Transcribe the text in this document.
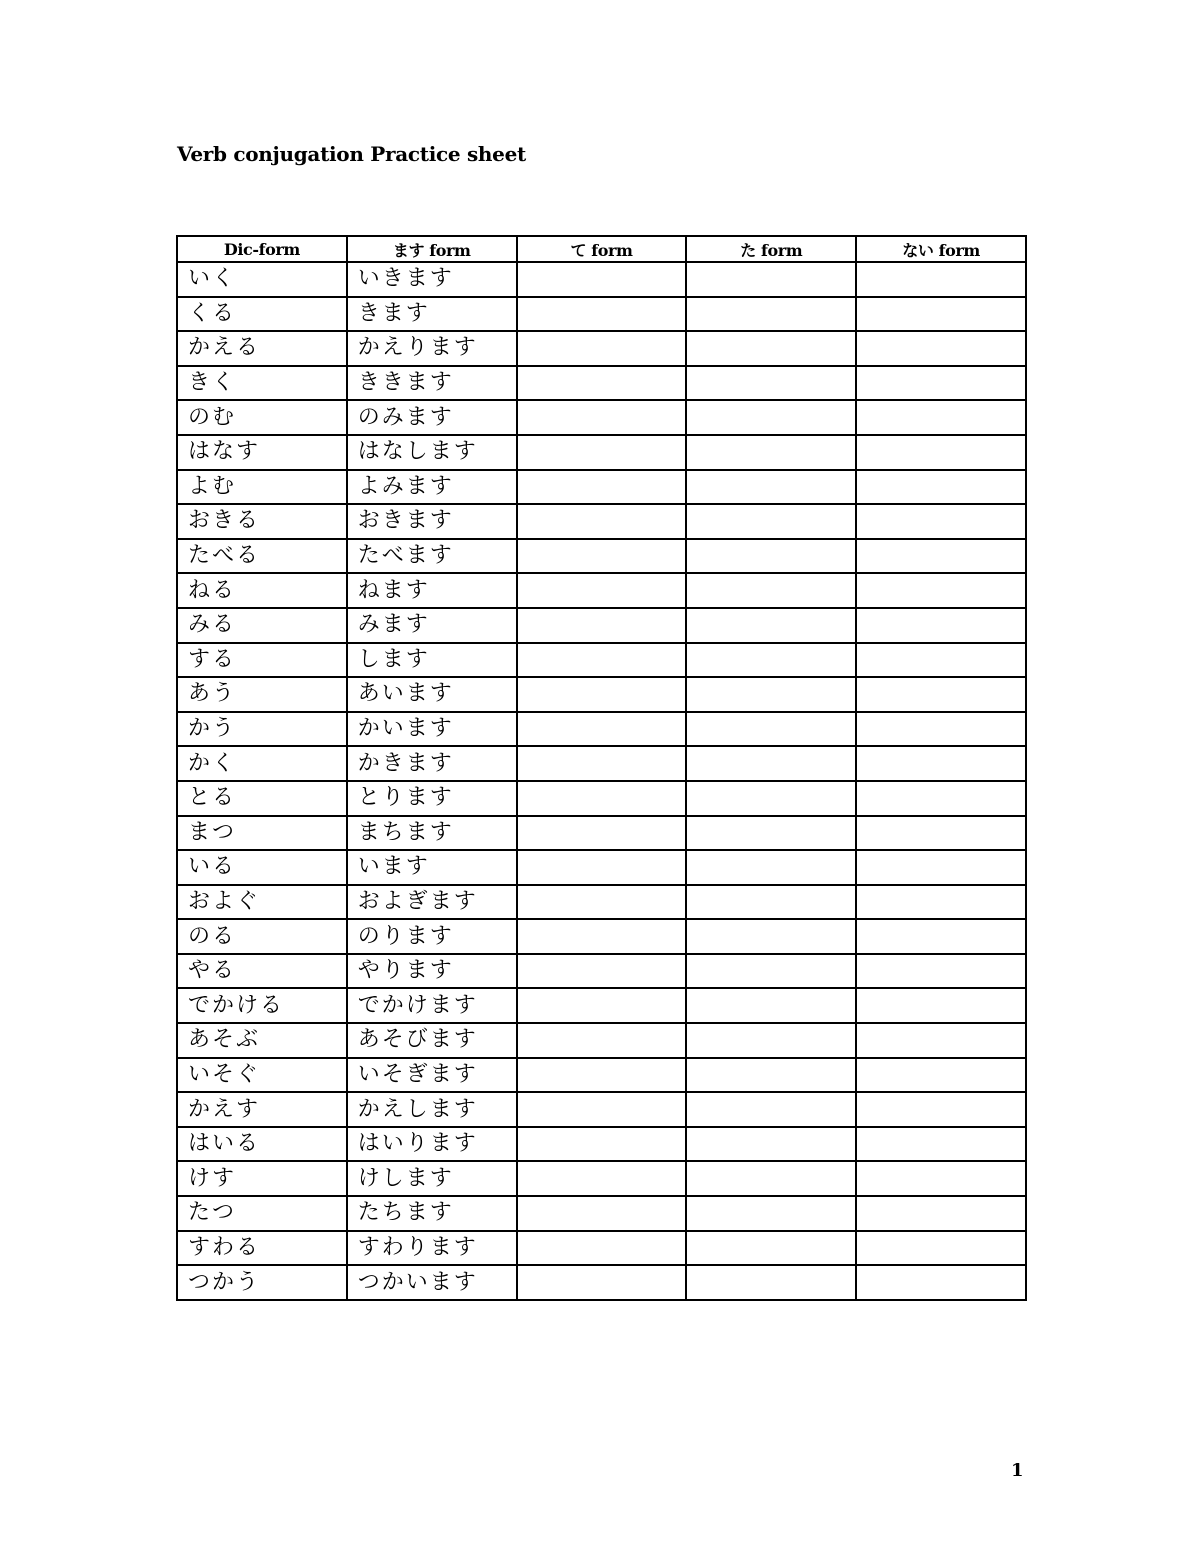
Verb conjugation Practice sheet
Dic-form	ます form	て form	た form	ない form
いく	いきます			
くる	きます			
かえる	かえります			
きく	ききます			
のむ	のみます			
はなす	はなします			
よむ	よみます			
おきる	おきます			
たべる	たべます			
ねる	ねます			
みる	みます			
する	します			
あう	あいます			
かう	かいます			
かく	かきます			
とる	とります			
まつ	まちます			
いる	います			
およぐ	およぎます			
のる	のります			
やる	やります			
でかける	でかけます			
あそぶ	あそびます			
いそぐ	いそぎます			
かえす	かえします			
はいる	はいります			
けす	けします			
たつ	たちます			
すわる	すわります			
つかう	つかいます			
1
